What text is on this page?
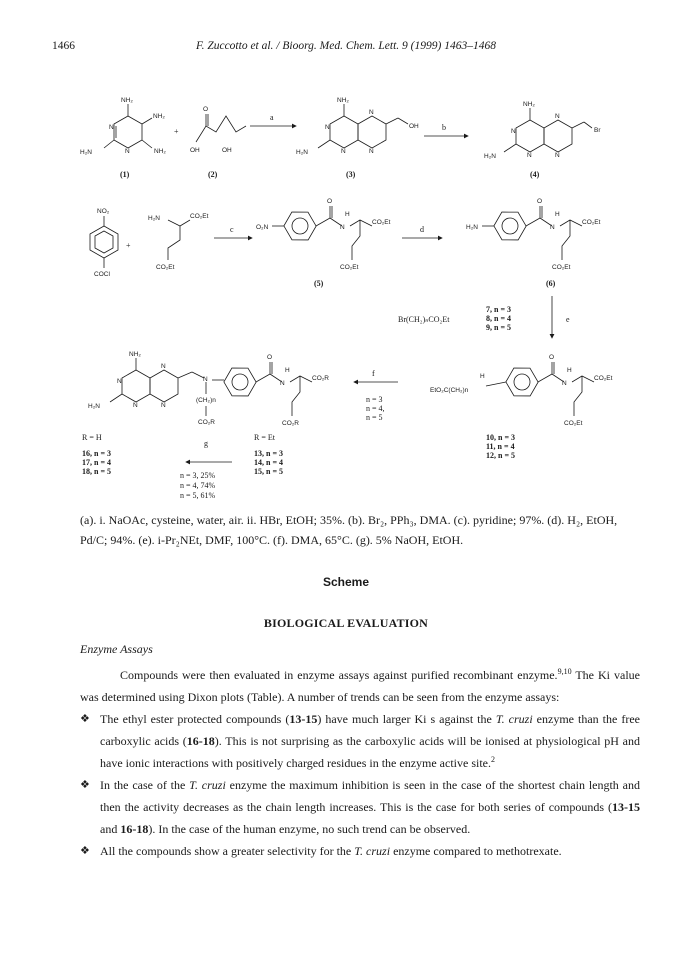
1466	F. Zuccotto et al. / Bioorg. Med. Chem. Lett. 9 (1999) 1463–1468
NH₂
NH₂
NH₂
H₂N
N
N
+
(1)
O
OH	OH
(2)
a
NH₂
H₂N
N
N
N
N
OH
(3)
b
NH₂
H₂N
N
N
N
N
Br
(4)
NO₂
COCl
+
H₂N	CO₂Et
CO₂Et
c	O₂N
O
N
H
CO₂Et
CO₂Et
(5)
d	H₂N
O
N
H
CO₂Et
CO₂Et
(6)
e
Br(CH₂)ₙCO₂Et
7, n = 3
8, n = 4
9, n = 5
NH₂
H₂N
N
N
N
N
N
(CH₂)n
CO₂R
O
N
H
CO₂R
CO₂R
f
n = 3
n = 4,
n = 5
EtO₂C(CH₂)n
H
O
N
H
CO₂Et
CO₂Et
10, n = 3
11, n = 4
12, n = 5
R = H	R = Et
16, n = 3
17, n = 4
18, n = 5
g
13, n = 3
14, n = 4
15, n = 5
n = 3, 25%
n = 4, 74%
n = 5, 61%
(a). i. NaOAc, cysteine, water, air. ii. HBr, EtOH; 35%. (b). Br₂, PPh₃, DMA. (c). pyridine; 97%. (d). H₂, EtOH, Pd/C; 94%. (e). i-Pr₂NEt, DMF, 100°C. (f). DMA, 65°C. (g). 5% NaOH, EtOH.
Scheme
BIOLOGICAL EVALUATION
Enzyme Assays

Compounds were then evaluated in enzyme assays against purified recombinant enzyme.$^{9,10}$ The Ki value was determined using Dixon plots (Table). A number of trends can be seen from the enzyme assays:

❖ The ethyl ester protected compounds (13-15) have much larger Ki s against the T. cruzi enzyme than the free carboxylic acids (16-18). This is not surprising as the carboxylic acids will be ionised at physiological pH and have ionic interactions with positively charged residues in the enzyme active site.$^2$
❖ In the case of the T. cruzi enzyme the maximum inhibition is seen in the case of the shortest chain length and then the activity decreases as the chain length increases. This is the case for both series of compounds (13-15 and 16-18). In the case of the human enzyme, no such trend can be observed.
❖ All the compounds show a greater selectivity for the T. cruzi enzyme compared to methotrexate.
